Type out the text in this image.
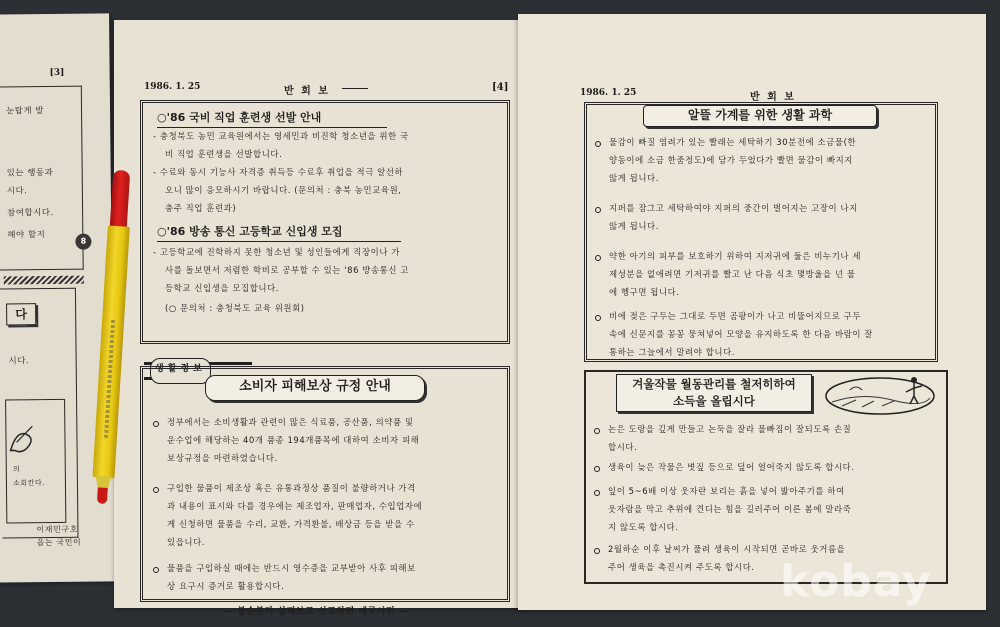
[3]
눈탑게 발
있는 행동과
시다.
참여합시다.
해야 할지
다
시다.
의
소회칸다.
이재민구호
읍는 국민이
8
1986. 1. 25	반 회 보	[4]
○'86 국비 직업 훈련생 선발 안내
- 충청북도 농민 교육원에서는 영세민과 비진학 청소년을 위한 국
비 직업 훈련생을 선발합니다.
- 수료와 동시 기능사 자격증 취득등 수료후 취업을 적극 알선하
오니 많이 응모하시기 바랍니다. (문의처 : 충북 농민교육원,
충주 직업 훈련과)
○'86 방송 통신 고등학교 신입생 모집
- 고등학교에 진학하지 못한 청소년 및 성인들에게 직장이나 가
사를 돌보면서 저렴한 학비로 공부할 수 있는 '86 방송통신 고
등학교 신입생을 모집합니다.
(○ 문의처 : 충청북도 교육 위원회)
생활정보
소비자 피해보상 규정 안내
정부에서는 소비생활과 관련이 많은 식료품, 공산품, 의약품 및
운수업에 해당하는 40개 품종 194개품목에 대하여 소비자 피해
보상규정을 마련하였습니다.
구입한 물품이 제조상 혹은 유통과정상 품질이 불량하거나 가격
과 내용이 표시와 다를 경우에는 제조업자, 판매업자, 수입업자에
게 신청하면 물품을 수리, 교환, 가격환불, 배상금 등을 받을 수
있읍니다.
물품을 구입하실 때에는 반드시 영수증을 교부받아 사후 피해보
상 요구시 증거로 활용합시다.
— 불순분자 살펴보고 신고하면 애국시민 —
1986. 1. 25	반 회 보
알뜰 가계를 위한 생활 과학
물감이 빠질 염려가 있는 빨래는 세탁하기 30분전에 소금물(한
양동이에 소금 한줌정도)에 담가 두었다가 빨면 물감이 빠지지
않게 됩니다.
지퍼를 잠그고 세탁하여야 지퍼의 중간이 벌어지는 고장이 나지
않게 됩니다.
약한 아기의 피부를 보호하기 위하여 지저귀에 둘은 비누기나 세
제성분을 없애려면 기저귀를 빨고 난 다음 식초 몇방울을 넌 물
에 헹구면 됩니다.
비에 젖은 구두는 그대로 두면 곰팡이가 나고 비뚤어지므로 구두
속에 신문지를 꽁꽁 뭉쳐넣어 모양을 유지하도록 한 다음 바람이 잘
통하는 그늘에서 말려야 합니다.
겨울작물 월동관리를 철저히하여
소득을 올립시다
논은 도랑을 깊게 만들고 논둑을 잘라 물빠짐이 잘되도록 손질
합시다.
생육이 늦은 작물은 볏짚 등으로 덮어 얼어죽지 않도록 합시다.
잎이 5~6배 이상 웃자란 보리는 흙을 넣어 밟아주기를 하여
웃자람을 막고 추위에 견디는 힘을 길러주어 이른 봄에 말라죽
지 않도록 합시다.
2월하순 이후 날씨가 풀려 생육이 시작되면 곧바로 웃거름을
주어 생육을 촉진시켜 주도록 합시다. kobay
